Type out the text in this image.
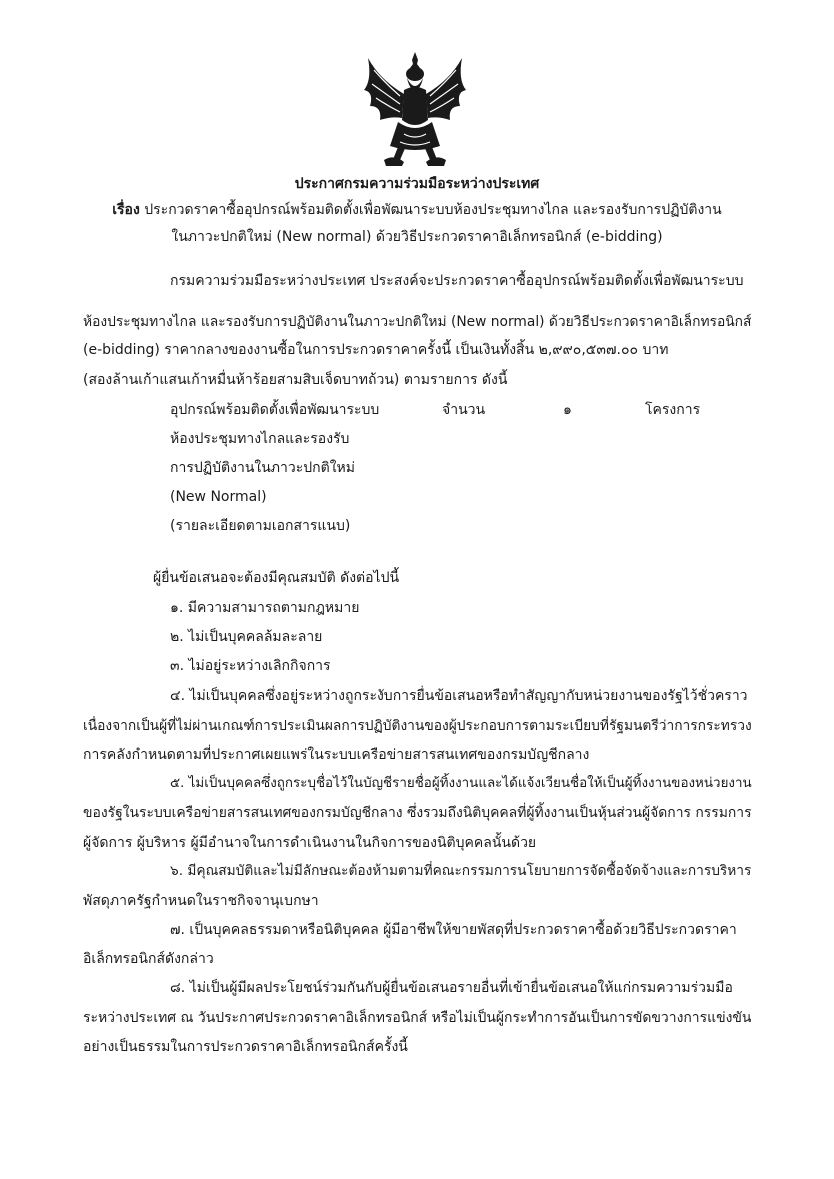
ประกาศกรมความร่วมมือระหว่างประเทศ

เรื่อง ประกวดราคาซื้ออุปกรณ์พร้อมติดตั้งเพื่อพัฒนาระบบห้องประชุมทางไกล และรองรับการปฏิบัติงาน

ในภาวะปกติใหม่ (New normal) ด้วยวิธีประกวดราคาอิเล็กทรอนิกส์ (e-bidding)

กรมความร่วมมือระหว่างประเทศ ประสงค์จะประกวดราคาซื้ออุปกรณ์พร้อมติดตั้งเพื่อพัฒนาระบบ

ห้องประชุมทางไกล และรองรับการปฏิบัติงานในภาวะปกติใหม่ (New normal) ด้วยวิธีประกวดราคาอิเล็กทรอนิกส์

(e-bidding) ราคากลางของงานซื้อในการประกวดราคาครั้งนี้ เป็นเงินทั้งสิ้น ๒,๙๙๐,๕๓๗.๐๐ บาท

(สองล้านเก้าแสนเก้าหมื่นห้าร้อยสามสิบเจ็ดบาทถ้วน) ตามรายการ ดังนี้

อุปกรณ์พร้อมติดตั้งเพื่อพัฒนาระบบ	จำนวน	๑	โครงการ

ห้องประชุมทางไกลและรองรับ

การปฏิบัติงานในภาวะปกติใหม่

(New Normal)

(รายละเอียดตามเอกสารแนบ)

ผู้ยื่นข้อเสนอจะต้องมีคุณสมบัติ ดังต่อไปนี้

๑. มีความสามารถตามกฎหมาย

๒. ไม่เป็นบุคคลล้มละลาย

๓. ไม่อยู่ระหว่างเลิกกิจการ

๔. ไม่เป็นบุคคลซึ่งอยู่ระหว่างถูกระงับการยื่นข้อเสนอหรือทำสัญญากับหน่วยงานของรัฐไว้ชั่วคราว

เนื่องจากเป็นผู้ที่ไม่ผ่านเกณฑ์การประเมินผลการปฏิบัติงานของผู้ประกอบการตามระเบียบที่รัฐมนตรีว่าการกระทรวง

การคลังกำหนดตามที่ประกาศเผยแพร่ในระบบเครือข่ายสารสนเทศของกรมบัญชีกลาง

๕. ไม่เป็นบุคคลซึ่งถูกระบุชื่อไว้ในบัญชีรายชื่อผู้ทิ้งงานและได้แจ้งเวียนชื่อให้เป็นผู้ทิ้งงานของหน่วยงาน

ของรัฐในระบบเครือข่ายสารสนเทศของกรมบัญชีกลาง ซึ่งรวมถึงนิติบุคคลที่ผู้ทิ้งงานเป็นหุ้นส่วนผู้จัดการ กรรมการ

ผู้จัดการ ผู้บริหาร ผู้มีอำนาจในการดำเนินงานในกิจการของนิติบุคคลนั้นด้วย

๖. มีคุณสมบัติและไม่มีลักษณะต้องห้ามตามที่คณะกรรมการนโยบายการจัดซื้อจัดจ้างและการบริหาร

พัสดุภาครัฐกำหนดในราชกิจจานุเบกษา

๗. เป็นบุคคลธรรมดาหรือนิติบุคคล ผู้มีอาชีพให้ขายพัสดุที่ประกวดราคาซื้อด้วยวิธีประกวดราคา

อิเล็กทรอนิกส์ดังกล่าว

๘. ไม่เป็นผู้มีผลประโยชน์ร่วมกันกับผู้ยื่นข้อเสนอรายอื่นที่เข้ายื่นข้อเสนอให้แก่กรมความร่วมมือ

ระหว่างประเทศ ณ วันประกาศประกวดราคาอิเล็กทรอนิกส์ หรือไม่เป็นผู้กระทำการอันเป็นการขัดขวางการแข่งขัน

อย่างเป็นธรรมในการประกวดราคาอิเล็กทรอนิกส์ครั้งนี้
